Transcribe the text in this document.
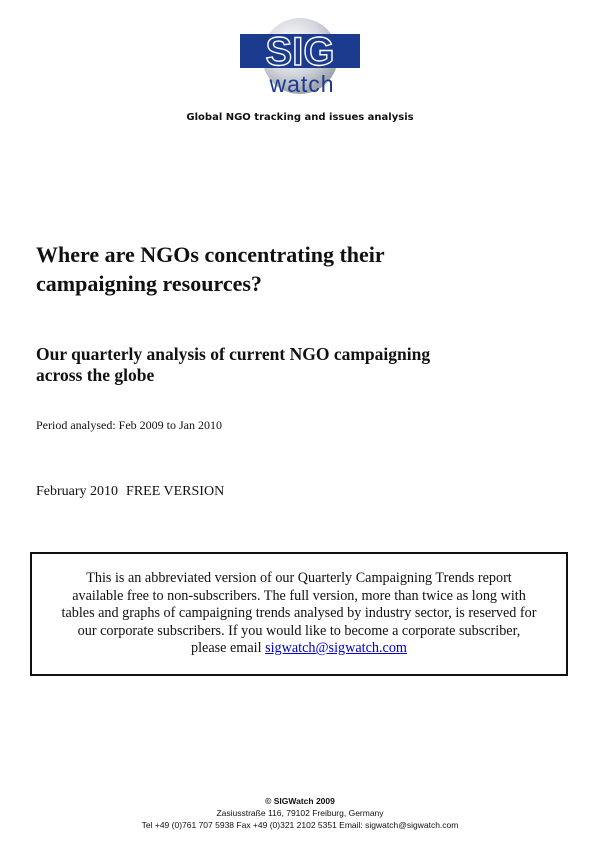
SIG
watch
Global NGO tracking and issues analysis
Where are NGOs concentrating their
campaigning resources?
Our quarterly analysis of current NGO campaigning
across the globe

Period analysed: Feb 2009 to Jan 2010

February 2010 FREE VERSION

This is an abbreviated version of our Quarterly Campaigning Trends report
available free to non-subscribers. The full version, more than twice as long with
tables and graphs of campaigning trends analysed by industry sector, is reserved for
our corporate subscribers. If you would like to become a corporate subscriber,
please email sigwatch@sigwatch.com

© SIGWatch 2009
Zasiusstraße 116, 79102 Freiburg, Germany
Tel +49 (0)761 707 5938 Fax +49 (0)321 2102 5351 Email: sigwatch@sigwatch.com
